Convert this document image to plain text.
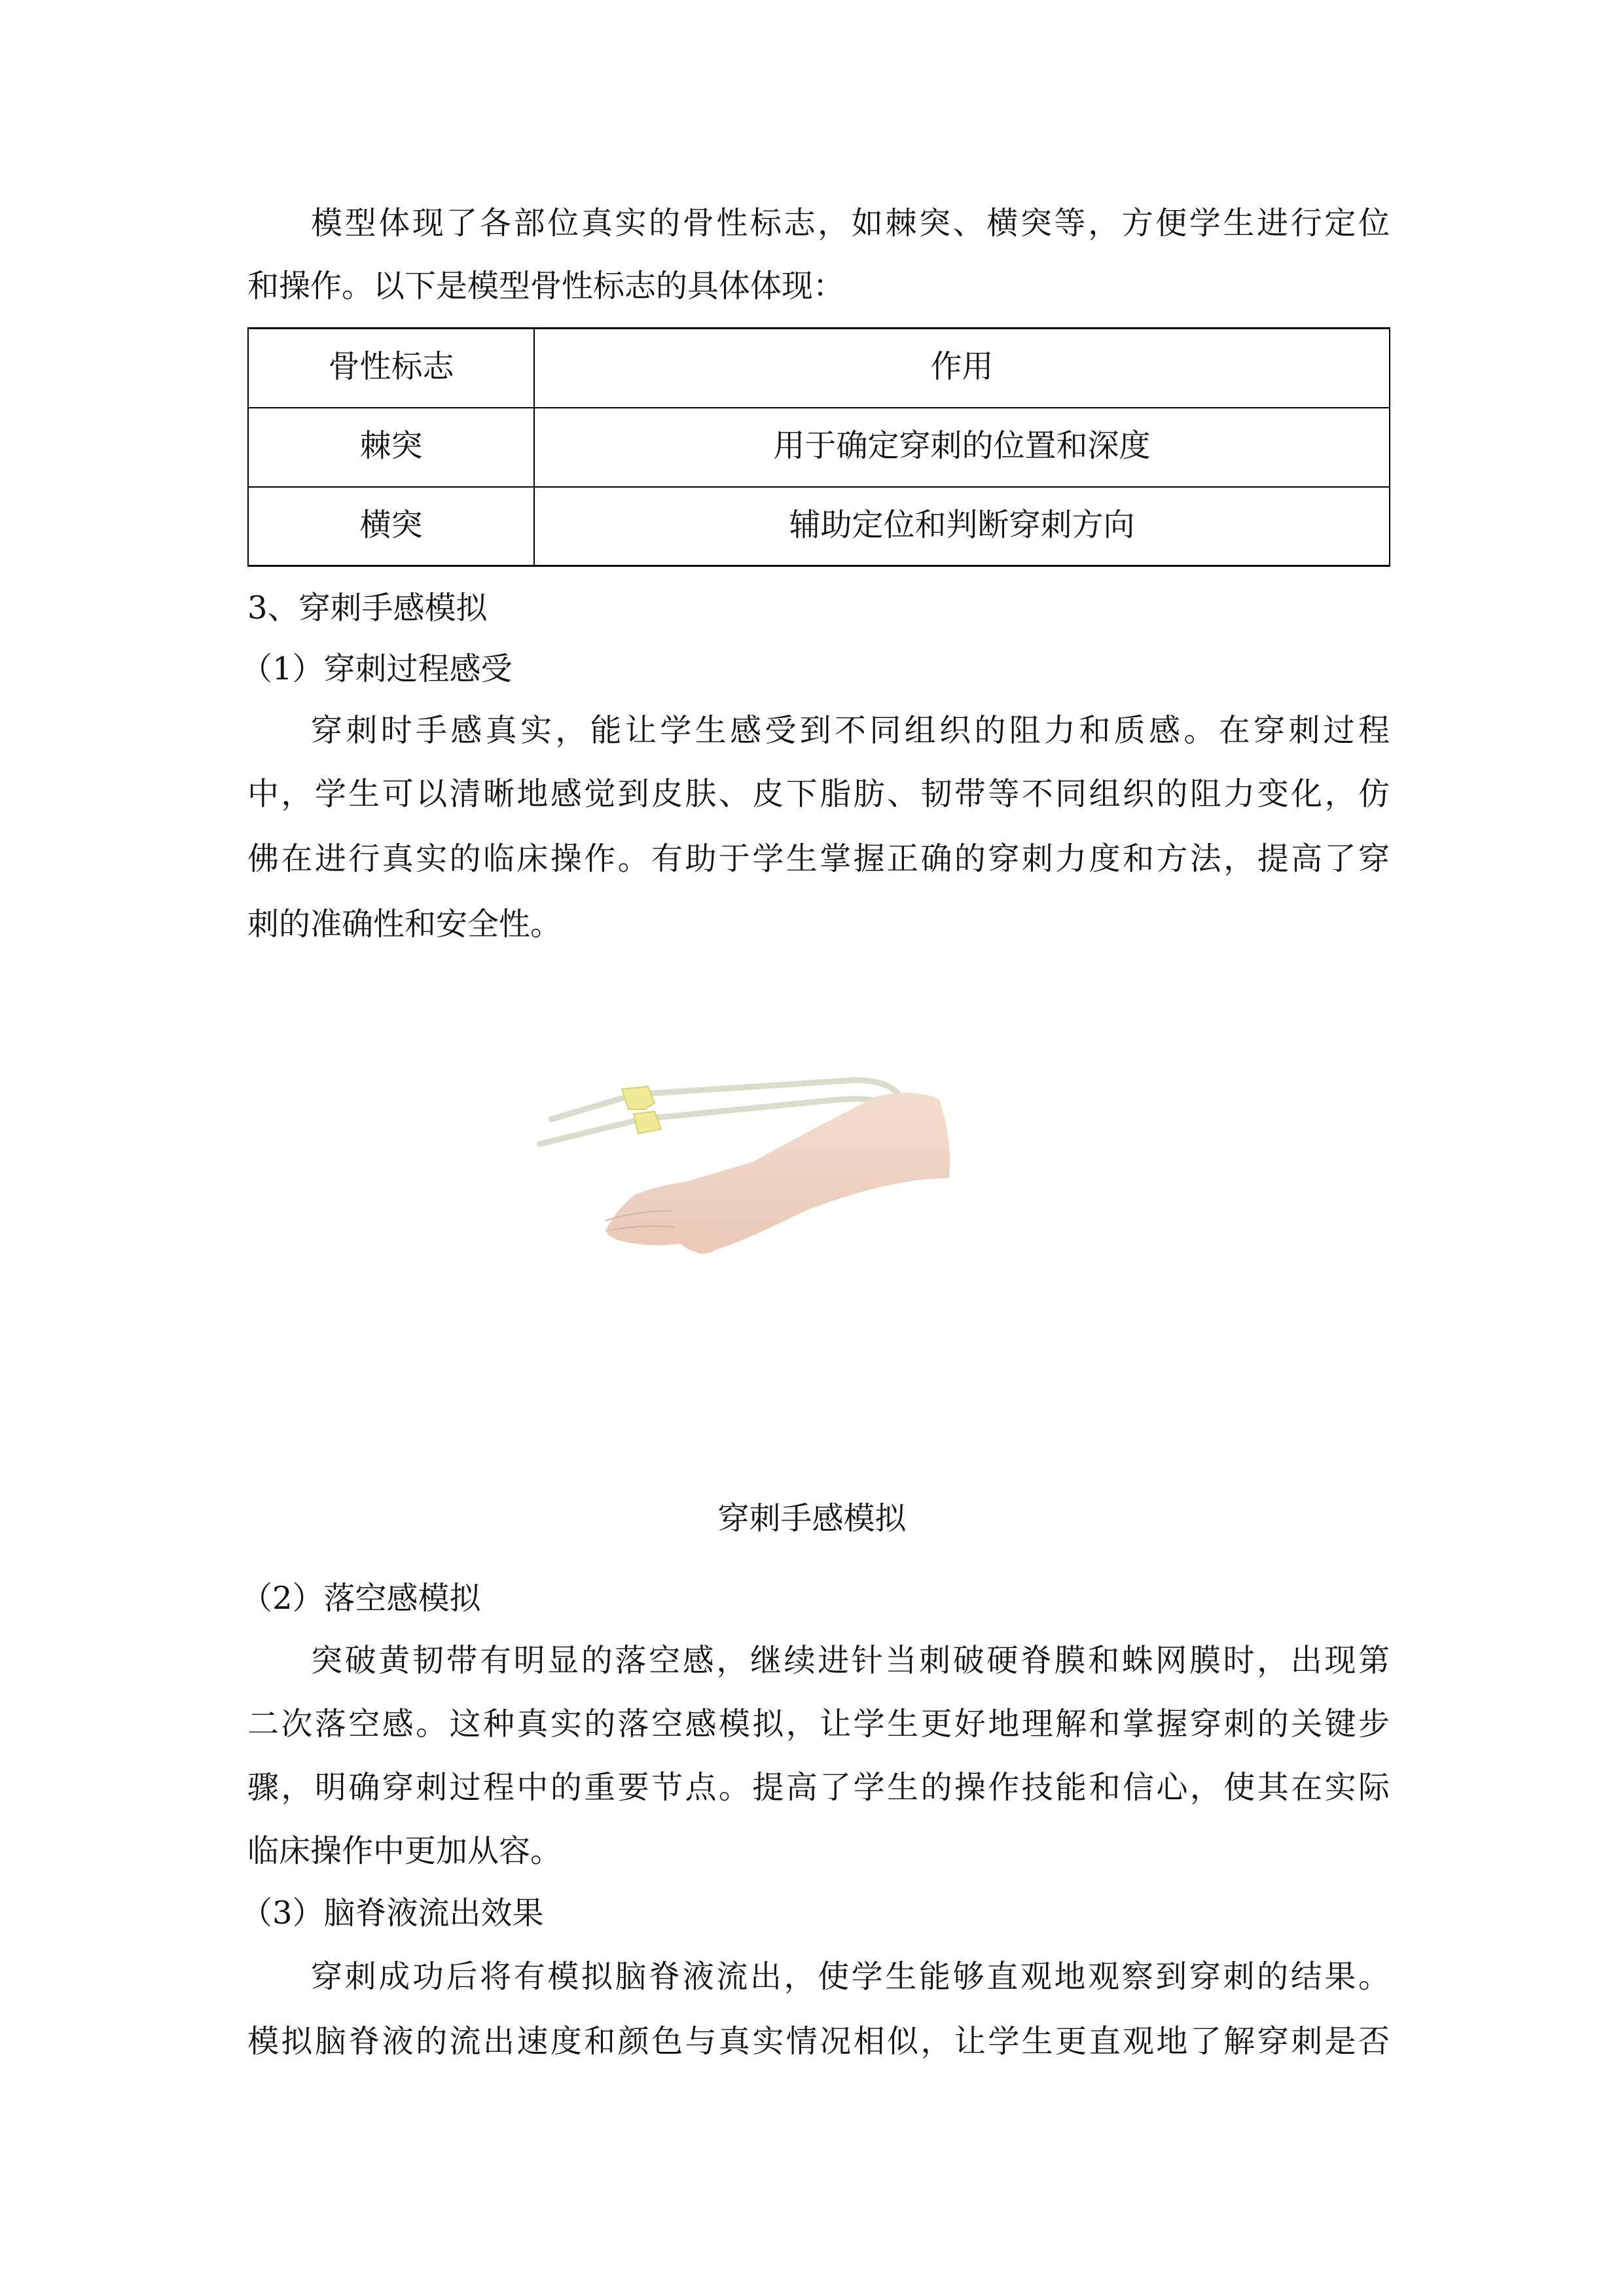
模型体现了各部位真实的骨性标志，如棘突、横突等，方便学生进行定位
和操作。以下是模型骨性标志的具体体现：
骨性标志	作用
棘突	用于确定穿刺的位置和深度
横突	辅助定位和判断穿刺方向
3、穿刺手感模拟
（1）穿刺过程感受
穿刺时手感真实，能让学生感受到不同组织的阻力和质感。在穿刺过程
中，学生可以清晰地感觉到皮肤、皮下脂肪、韧带等不同组织的阻力变化，仿
佛在进行真实的临床操作。有助于学生掌握正确的穿刺力度和方法，提高了穿
刺的准确性和安全性。
穿刺手感模拟
（2）落空感模拟
突破黄韧带有明显的落空感，继续进针当刺破硬脊膜和蛛网膜时，出现第
二次落空感。这种真实的落空感模拟，让学生更好地理解和掌握穿刺的关键步
骤，明确穿刺过程中的重要节点。提高了学生的操作技能和信心，使其在实际
临床操作中更加从容。
（3）脑脊液流出效果
穿刺成功后将有模拟脑脊液流出，使学生能够直观地观察到穿刺的结果。
模拟脑脊液的流出速度和颜色与真实情况相似，让学生更直观地了解穿刺是否
